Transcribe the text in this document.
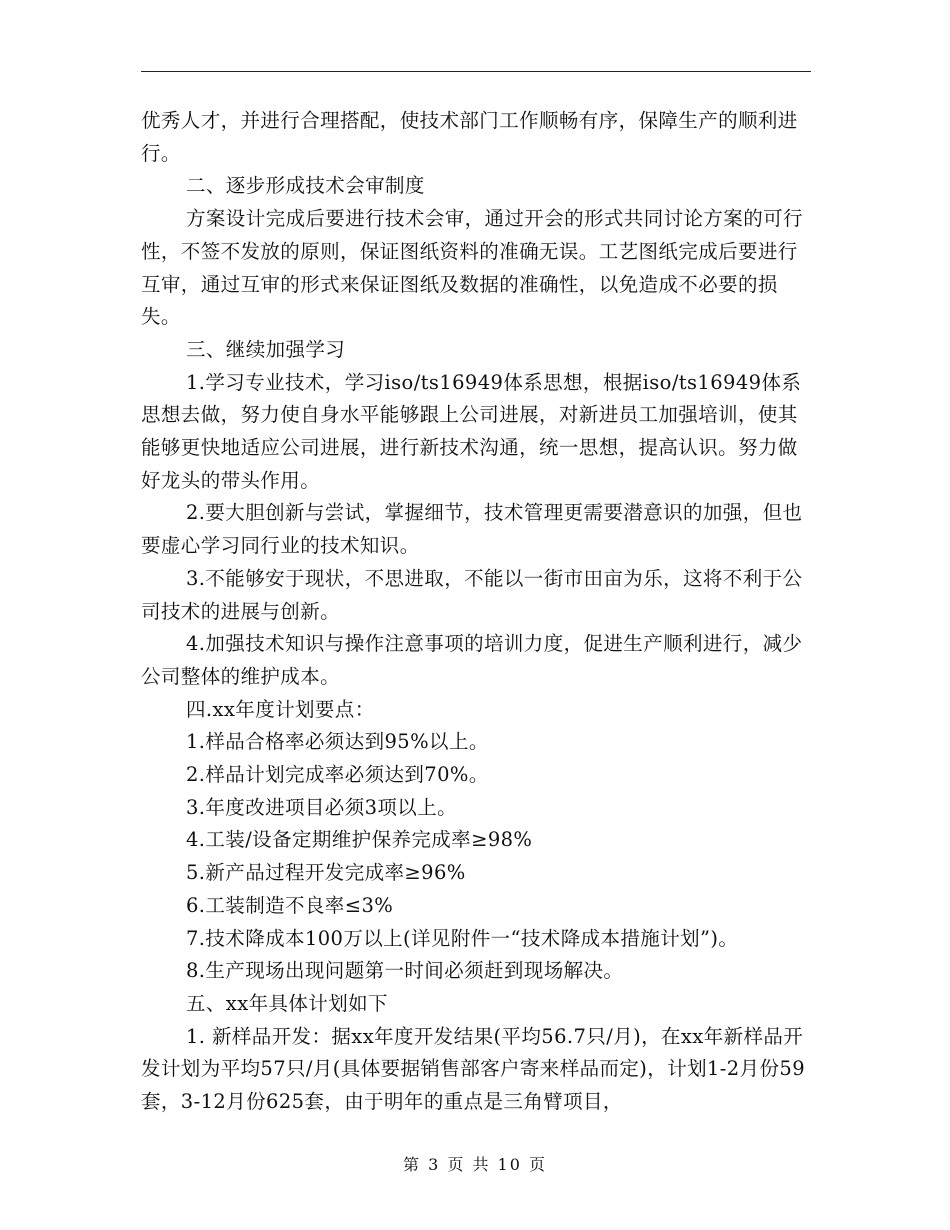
优秀人才，并进行合理搭配，使技术部门工作顺畅有序，保障生产的顺利进行。

二、逐步形成技术会审制度

方案设计完成后要进行技术会审，通过开会的形式共同讨论方案的可行性，不签不发放的原则，保证图纸资料的准确无误。工艺图纸完成后要进行互审，通过互审的形式来保证图纸及数据的准确性，以免造成不必要的损失。

三、继续加强学习

1.学习专业技术，学习iso/ts16949体系思想，根据iso/ts16949体系思想去做，努力使自身水平能够跟上公司进展，对新进员工加强培训，使其能够更快地适应公司进展，进行新技术沟通，统一思想，提高认识。努力做好龙头的带头作用。

2.要大胆创新与尝试，掌握细节，技术管理更需要潜意识的加强，但也要虚心学习同行业的技术知识。

3.不能够安于现状，不思进取，不能以一街市田亩为乐，这将不利于公司技术的进展与创新。

4.加强技术知识与操作注意事项的培训力度，促进生产顺利进行，减少公司整体的维护成本。

四.xx年度计划要点：

1.样品合格率必须达到95%以上。

2.样品计划完成率必须达到70%。

3.年度改进项目必须3项以上。

4.工装/设备定期维护保养完成率≥98%

5.新产品过程开发完成率≥96%

6.工装制造不良率≤3%

7.技术降成本100万以上(详见附件一“技术降成本措施计划”)。

8.生产现场出现问题第一时间必须赶到现场解决。

五、xx年具体计划如下

1. 新样品开发：据xx年度开发结果(平均56.7只/月)，在xx年新样品开发计划为平均57只/月(具体要据销售部客户寄来样品而定)，计划1-2月份59套，3-12月份625套，由于明年的重点是三角臂项目，

第 3 页 共 10 页
